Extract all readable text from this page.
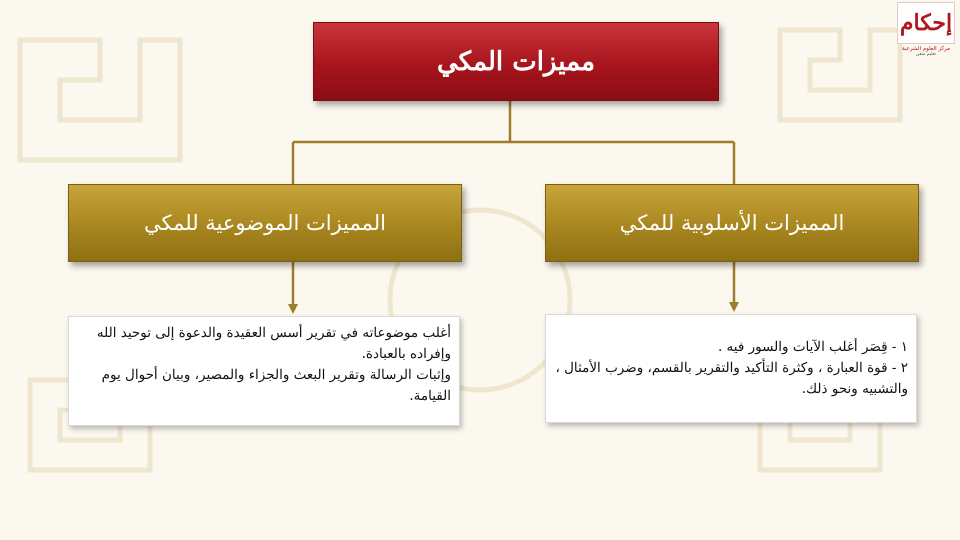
مميزات المكي
المميزات الموضوعية للمكي	المميزات الأسلوبية للمكي

أغلب موضوعاته في تقرير أسس العقيدة والدعوة إلى توحيد الله وإفراده بالعبادة.

وإثبات الرسالة وتقرير البعث والجزاء والمصير، وبيان أحوال يوم القيامة.

١ - قِصَر أغلب الآيات والسور فيه .

٢ - قوة العبارة ، وكثرة التأكيد والتقرير بالقسم، وضرب الأمثال ، والتشبيه ونحو ذلك.

إحكام
مركز العلوم الشرعية
تعليم متقن
